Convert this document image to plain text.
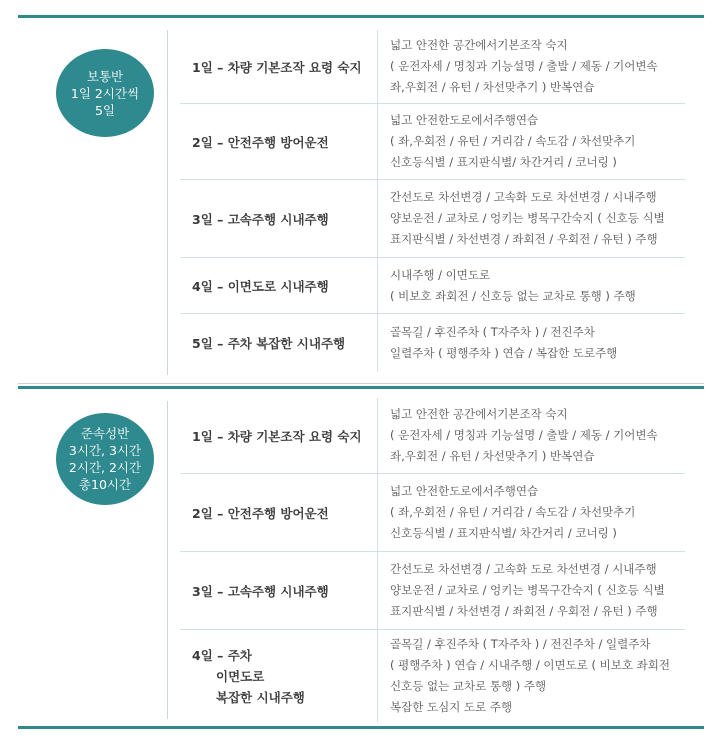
보통반
1일 2시간씩
5일
1일 – 차량 기본조작 요령 숙지
넓고 안전한 공간에서기본조작 숙지
( 운전자세 / 명칭과 기능설명 / 출발 / 제동 / 기어변속
좌,우회전 / 유턴 / 차선맞추기 ) 반복연습
2일 – 안전주행 방어운전
넓고 안전한도로에서주행연습
( 좌,우회전 / 유턴 / 거리감 / 속도감 / 차선맞추기
신호등식별 / 표지판식별/ 차간거리 / 코너링 )
3일 – 고속주행 시내주행
간선도로 차선변경 / 고속화 도로 차선변경 / 시내주행
양보운전 / 교차로 / 엉키는 병목구간숙지 ( 신호등 식별
표지판식별 / 차선변경 / 좌회전 / 우회전 / 유턴 ) 주행
4일 – 이면도로 시내주행
시내주행 / 이면도로
( 비보호 좌회전 / 신호등 없는 교차로 통행 ) 주행
5일 – 주차 복잡한 시내주행
골목길 / 후진주차 ( T자주차 ) / 전진주차
일렬주차 ( 평행주차 ) 연습 / 복잡한 도로주행
준속성반
3시간, 3시간
2시간, 2시간
총10시간
1일 – 차량 기본조작 요령 숙지
넓고 안전한 공간에서기본조작 숙지
( 운전자세 / 명칭과 기능설명 / 출발 / 제동 / 기어변속
좌,우회전 / 유턴 / 차선맞추기 ) 반복연습
2일 – 안전주행 방어운전
넓고 안전한도로에서주행연습
( 좌,우회전 / 유턴 / 거리감 / 속도감 / 차선맞추기
신호등식별 / 표지판식별/ 차간거리 / 코너링 )
3일 – 고속주행 시내주행
간선도로 차선변경 / 고속화 도로 차선변경 / 시내주행
양보운전 / 교차로 / 엉키는 병목구간숙지 ( 신호등 식별
표지판식별 / 차선변경 / 좌회전 / 우회전 / 유턴 ) 주행
4일 – 주차
이면도로
복잡한 시내주행
골목길 / 후진주차 ( T자주차 ) / 전진주차 / 일렬주차
( 평행주차 ) 연습 / 시내주행 / 이면도로 ( 비보호 좌회전
신호등 없는 교차로 통행 ) 주행
복잡한 도심지 도로 주행
